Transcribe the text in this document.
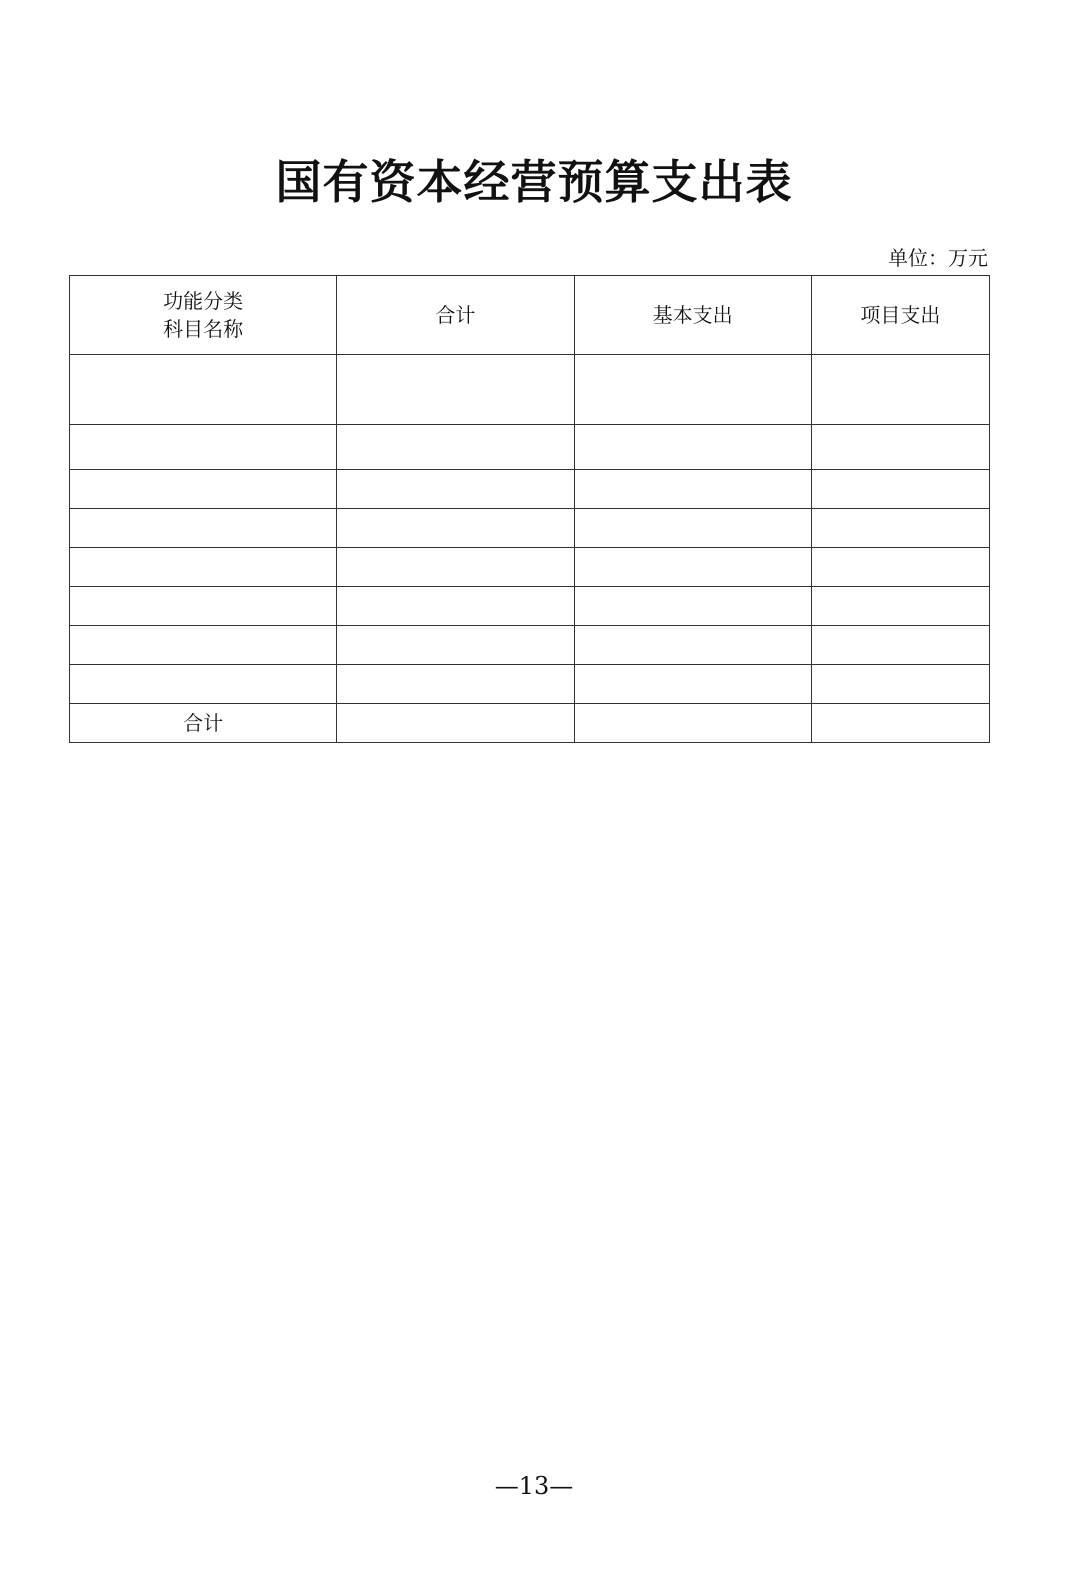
国有资本经营预算支出表
单位：万元
功能分类
科目名称	合计	基本支出	项目支出

合计			
—13—
